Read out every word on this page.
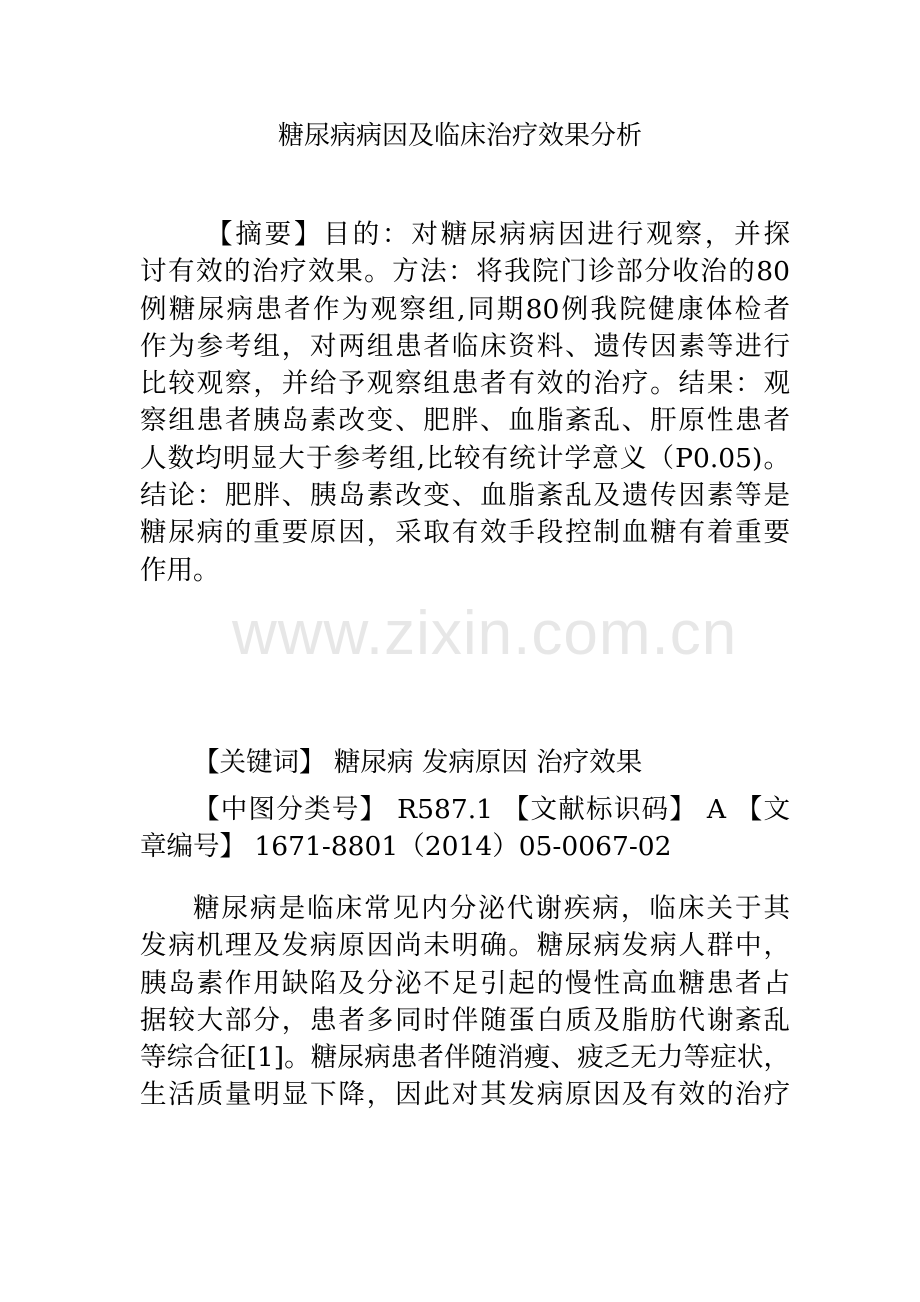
糖尿病病因及临床治疗效果分析
【摘要】目的：对糖尿病病因进行观察，并探
讨有效的治疗效果。方法：将我院门诊部分收治的80
例糖尿病患者作为观察组,同期80例我院健康体检者
作为参考组，对两组患者临床资料、遗传因素等进行
比较观察，并给予观察组患者有效的治疗。结果：观
察组患者胰岛素改变、肥胖、血脂紊乱、肝原性患者
人数均明显大于参考组,比较有统计学意义（P0.05)。
结论：肥胖、胰岛素改变、血脂紊乱及遗传因素等是
糖尿病的重要原因，采取有效手段控制血糖有着重要
作用。
【关键词】 糖尿病 发病原因 治疗效果
【中图分类号】 R587.1 【文献标识码】 A 【文
章编号】 1671-8801（2014）05-0067-02
糖尿病是临床常见内分泌代谢疾病，临床关于其
发病机理及发病原因尚未明确。糖尿病发病人群中，
胰岛素作用缺陷及分泌不足引起的慢性高血糖患者占
据较大部分，患者多同时伴随蛋白质及脂肪代谢紊乱
等综合征[1]。糖尿病患者伴随消瘦、疲乏无力等症状，
生活质量明显下降，因此对其发病原因及有效的治疗
www.zixin.com.cn
